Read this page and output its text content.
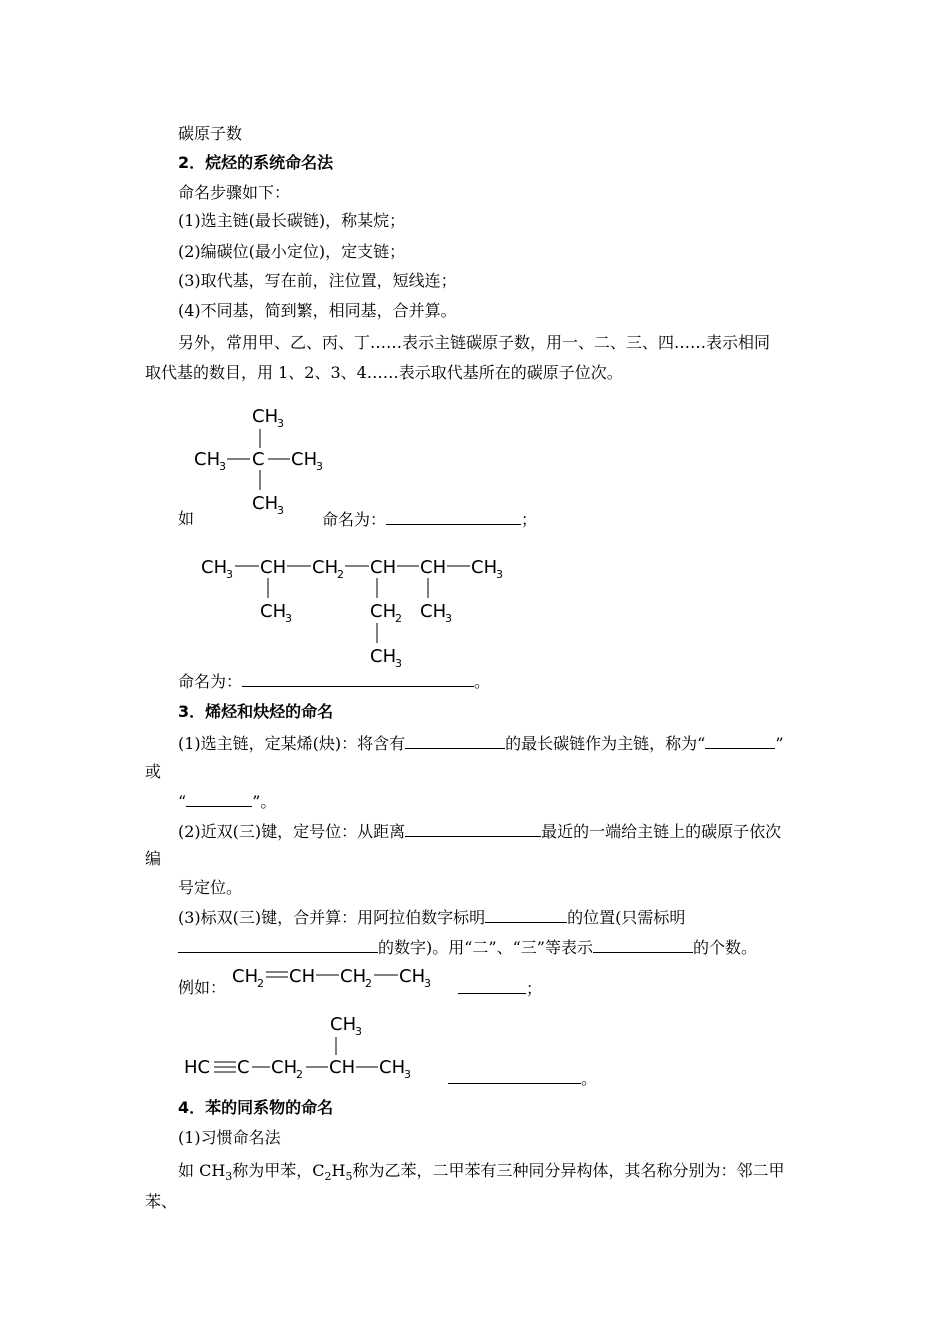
碳原子数
2．烷烃的系统命名法
命名步骤如下：
(1)选主链(最长碳链)，称某烷；
(2)编碳位(最小定位)，定支链；
(3)取代基，写在前，注位置，短线连；
(4)不同基，简到繁，相同基，合并算。
另外，常用甲、乙、丙、丁……表示主链碳原子数，用一、二、三、四……表示相同
取代基的数目，用 1、2、3、4……表示取代基所在的碳原子位次。
CH
3
CH
3 C CH
3
CH
3
如	命名为：	；
CH
3 CH CH
2 CH CH CH
3
CH
3	CH
2
CH
3
CH
3
命名为：	。
3．烯烃和炔烃的命名
(1)选主链，定某烯(炔)：将含有	的最长碳链作为主链，称为“	”
或
“	”。
(2)近双(三)键，定号位：从距离	最近的一端给主链上的碳原子依次
编
号定位。
(3)标双(三)键，合并算：用阿拉伯数字标明	的位置(只需标明
的数字)。用“二”、“三”等表示	的个数。
例如：
CH
2 CH CH
2 CH
3	；
CH
3
HC C CH
2 CH CH
3	。
4．苯的同系物的命名
(1)习惯命名法
如 $CH_3$称为甲苯，$C_2H_5$称为乙苯，二甲苯有三种同分异构体，其名称分别为：邻二甲
苯、
